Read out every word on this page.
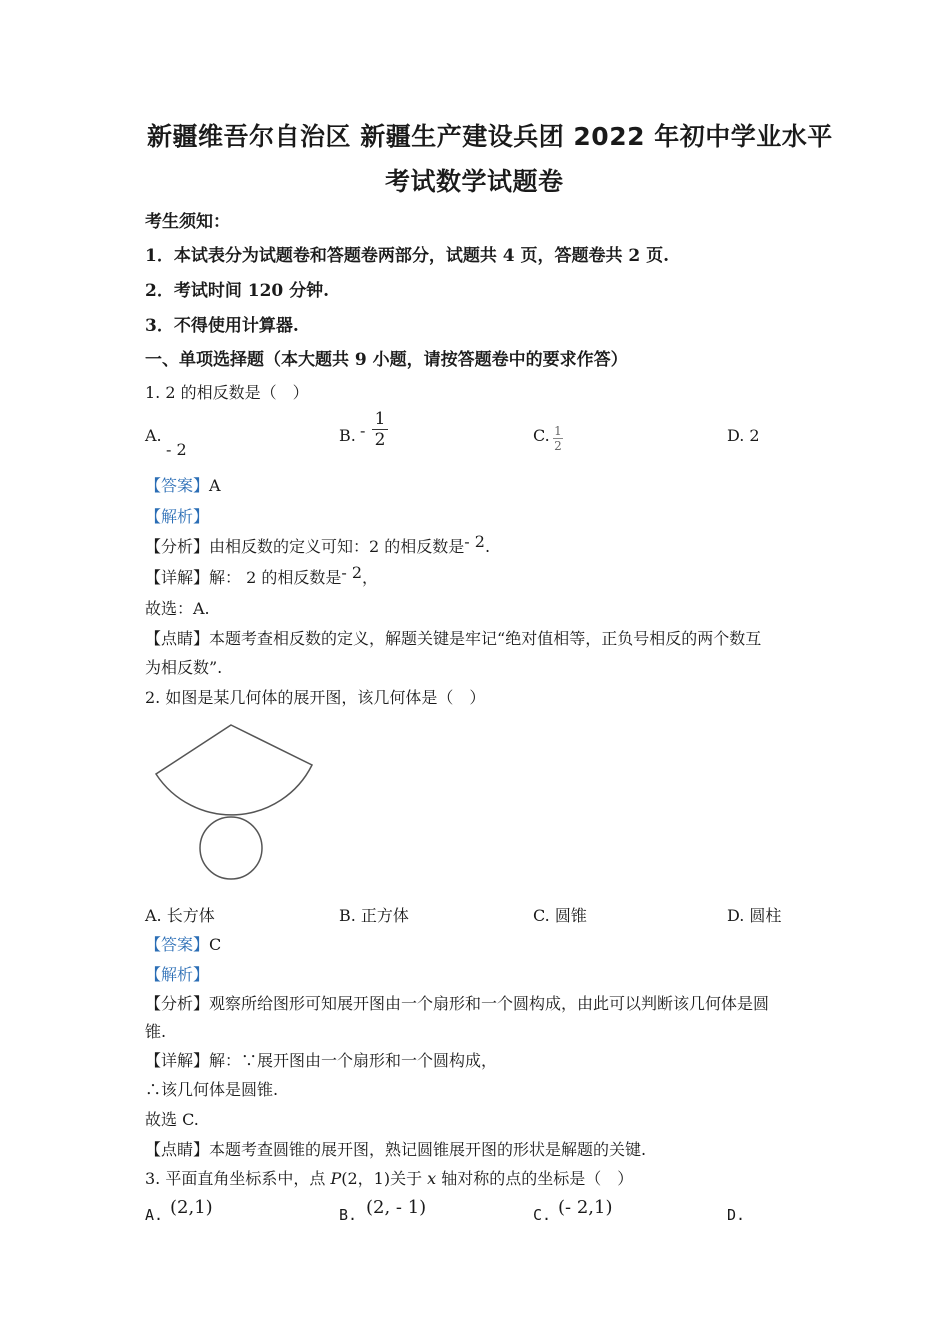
新疆维吾尔自治区 新疆生产建设兵团 2022 年初中学业水平
考试数学试题卷
考生须知：
1．本试表分为试题卷和答题卷两部分，试题共 4 页，答题卷共 2 页.
2．考试时间 120 分钟.
3．不得使用计算器.
一、单项选择题（本大题共 9 小题，请按答题卷中的要求作答）
1. 2 的相反数是（　）
A.
- 2
B. -
1
2	C. 1
2
D. 2
【答案】A
【解析】
【分析】由相反数的定义可知：2 的相反数是- 2.
【详解】解： 2 的相反数是- 2，
故选：A.
【点睛】本题考查相反数的定义，解题关键是牢记“绝对值相等，正负号相反的两个数互
为相反数”.
2. 如图是某几何体的展开图，该几何体是（　）
A. 长方体	B. 正方体	C. 圆锥	D. 圆柱
【答案】C
【解析】
【分析】观察所给图形可知展开图由一个扇形和一个圆构成，由此可以判断该几何体是圆
锥.
【详解】解：∵展开图由一个扇形和一个圆构成，
∴该几何体是圆锥.
故选 C.
【点睛】本题考查圆锥的展开图，熟记圆锥展开图的形状是解题的关键.
3. 平面直角坐标系中，点 P(2，1)关于 x 轴对称的点的坐标是（　）
A. (2,1)	B. (2, - 1)	C. (- 2,1)	D.
